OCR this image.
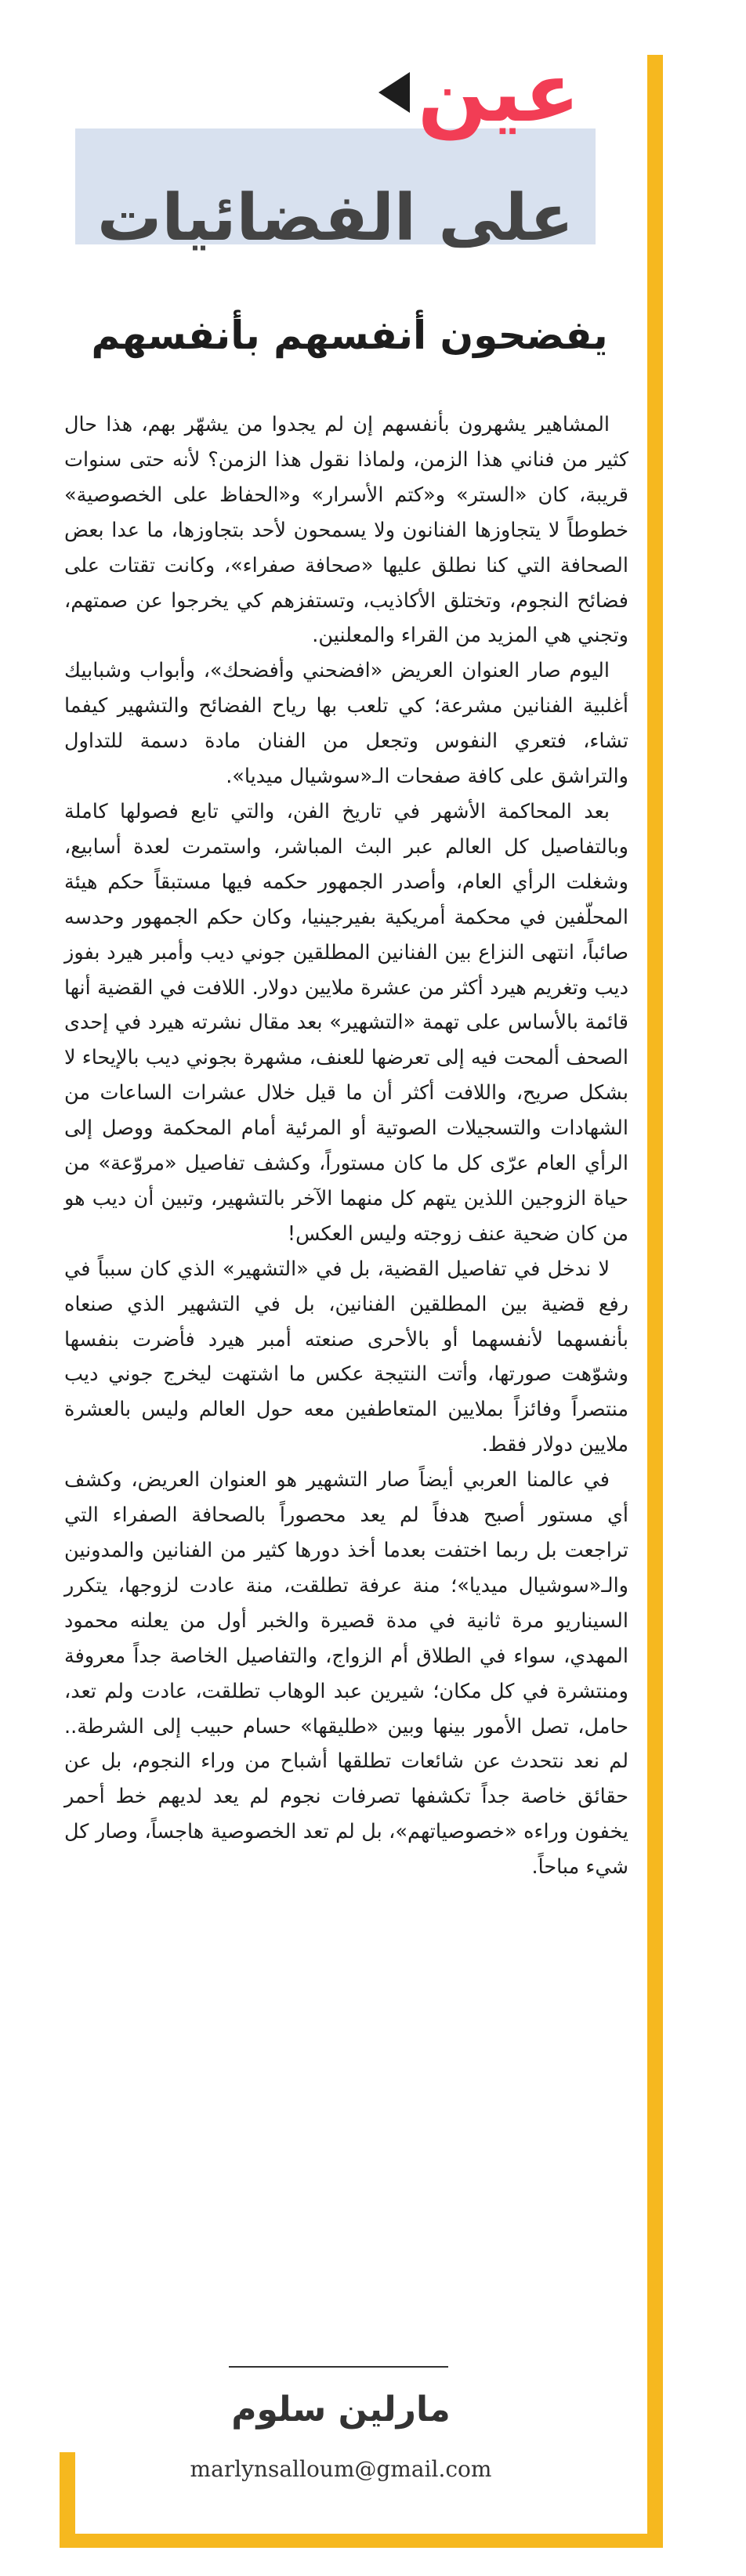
عين
على الفضائيات
يفضحون أنفسهم بأنفسهم

المشاهير يشهرون بأنفسهم إن لم يجدوا من يشهّر بهم، هذا حال كثير من فناني هذا الزمن، ولماذا نقول هذا الزمن؟ لأنه حتى سنوات قريبة، كان «الستر» و«كتم الأسرار» و«الحفاظ على الخصوصية» خطوطاً لا يتجاوزها الفنانون ولا يسمحون لأحد بتجاوزها، ما عدا بعض الصحافة التي كنا نطلق عليها «صحافة صفراء»، وكانت تقتات على فضائح النجوم، وتختلق الأكاذيب، وتستفزهم كي يخرجوا عن صمتهم، وتجني هي المزيد من القراء والمعلنين.

اليوم صار العنوان العريض «افضحني وأفضحك»، وأبواب وشبابيك أغلبية الفنانين مشرعة؛ كي تلعب بها رياح الفضائح والتشهير كيفما تشاء، فتعري النفوس وتجعل من الفنان مادة دسمة للتداول والتراشق على كافة صفحات الـ«سوشيال ميديا».

بعد المحاكمة الأشهر في تاريخ الفن، والتي تابع فصولها كاملة وبالتفاصيل كل العالم عبر البث المباشر، واستمرت لعدة أسابيع، وشغلت الرأي العام، وأصدر الجمهور حكمه فيها مستبقاً حكم هيئة المحلّفين في محكمة أمريكية بفيرجينيا، وكان حكم الجمهور وحدسه صائباً، انتهى النزاع بين الفنانين المطلقين جوني ديب وأمبر هيرد بفوز ديب وتغريم هيرد أكثر من عشرة ملايين دولار. اللافت في القضية أنها قائمة بالأساس على تهمة «التشهير» بعد مقال نشرته هيرد في إحدى الصحف ألمحت فيه إلى تعرضها للعنف، مشهرة بجوني ديب بالإيحاء لا بشكل صريح، واللافت أكثر أن ما قيل خلال عشرات الساعات من الشهادات والتسجيلات الصوتية أو المرئية أمام المحكمة ووصل إلى الرأي العام عرّى كل ما كان مستوراً، وكشف تفاصيل «مروّعة» من حياة الزوجين اللذين يتهم كل منهما الآخر بالتشهير، وتبين أن ديب هو من كان ضحية عنف زوجته وليس العكس!

لا ندخل في تفاصيل القضية، بل في «التشهير» الذي كان سبباً في رفع قضية بين المطلقين الفنانين، بل في التشهير الذي صنعاه بأنفسهما لأنفسهما أو بالأحرى صنعته أمبر هيرد فأضرت بنفسها وشوّهت صورتها، وأتت النتيجة عكس ما اشتهت ليخرج جوني ديب منتصراً وفائزاً بملايين المتعاطفين معه حول العالم وليس بالعشرة ملايين دولار فقط.

في عالمنا العربي أيضاً صار التشهير هو العنوان العريض، وكشف أي مستور أصبح هدفاً لم يعد محصوراً بالصحافة الصفراء التي تراجعت بل ربما اختفت بعدما أخذ دورها كثير من الفنانين والمدونين والـ«سوشيال ميديا»؛ منة عرفة تطلقت، منة عادت لزوجها، يتكرر السيناريو مرة ثانية في مدة قصيرة والخبر أول من يعلنه محمود المهدي، سواء في الطلاق أم الزواج، والتفاصيل الخاصة جداً معروفة ومنتشرة في كل مكان؛ شيرين عبد الوهاب تطلقت، عادت ولم تعد، حامل، تصل الأمور بينها وبين «طليقها» حسام حبيب إلى الشرطة.. لم نعد نتحدث عن شائعات تطلقها أشباح من وراء النجوم، بل عن حقائق خاصة جداً تكشفها تصرفات نجوم لم يعد لديهم خط أحمر يخفون وراءه «خصوصياتهم»، بل لم تعد الخصوصية هاجساً، وصار كل شيء مباحاً.

مارلين سلوم
marlynsalloum@gmail.com
